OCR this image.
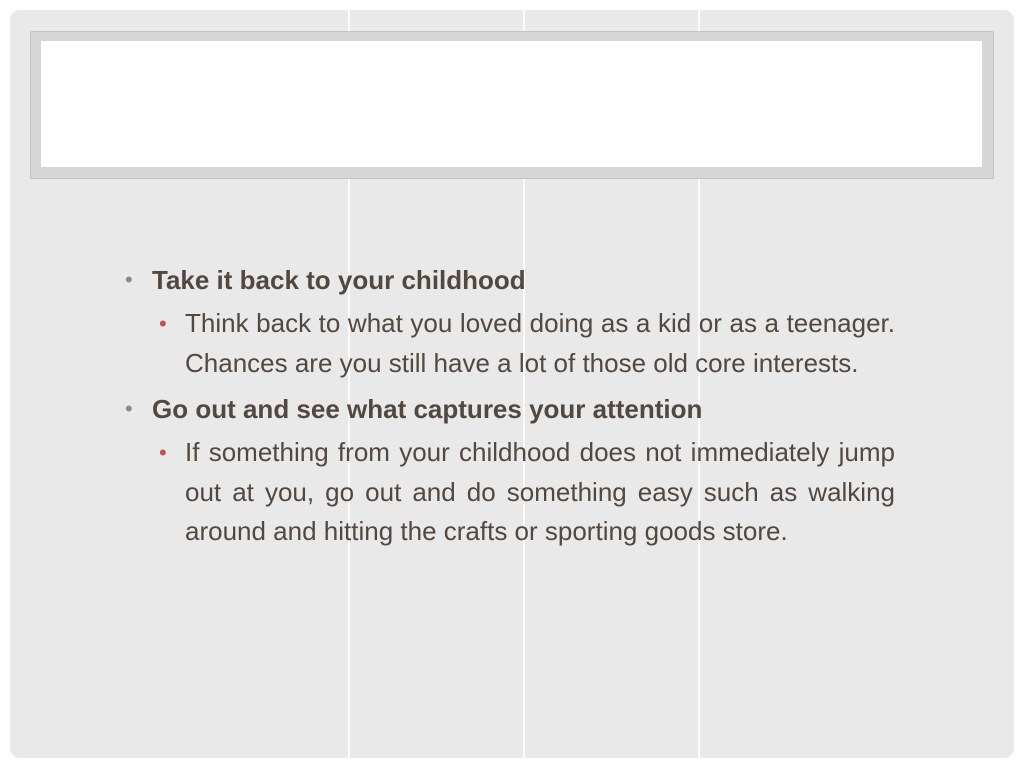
• Take it back to your childhood
• Think back to what you loved doing as a kid or as a teenager. Chances are you still have a lot of those old core interests.
• Go out and see what captures your attention
• If something from your childhood does not immediately jump out at you, go out and do something easy such as walking around and hitting the crafts or sporting goods store.
